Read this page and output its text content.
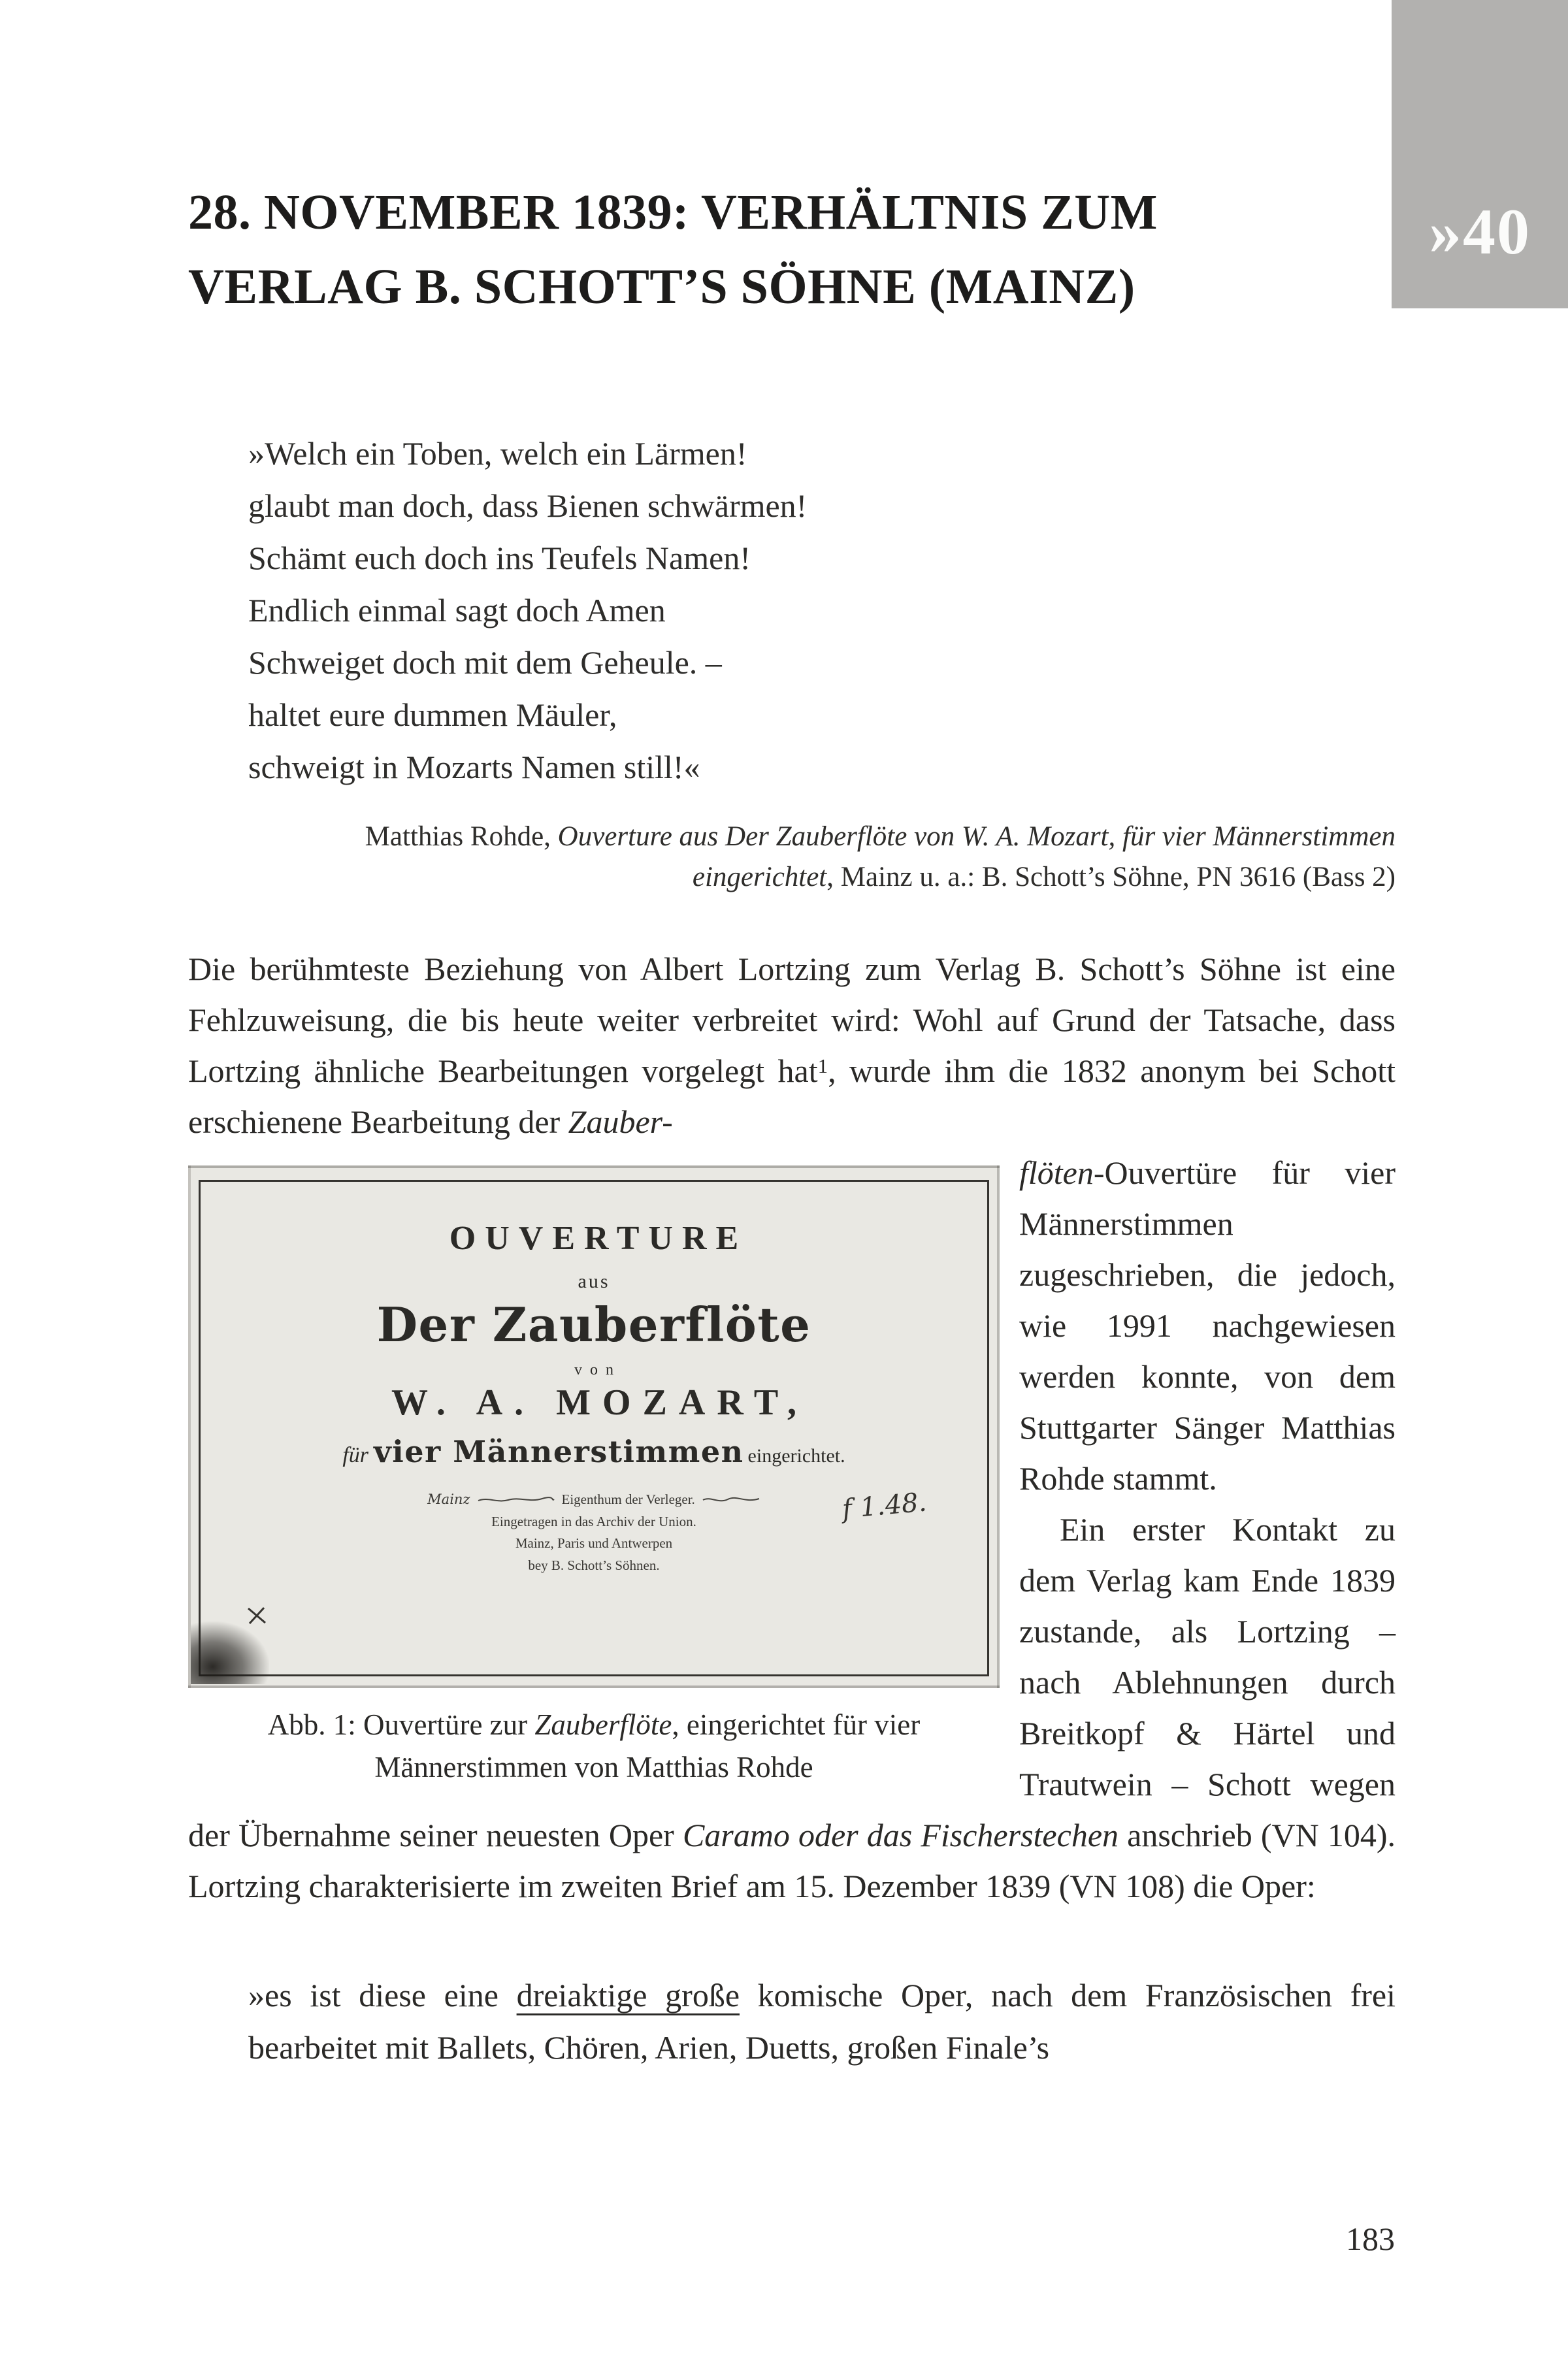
»40
28. NOVEMBER 1839: VERHÄLTNIS ZUM
VERLAG B. SCHOTT’S SÖHNE (MAINZ)
»Welch ein Toben, welch ein Lärmen!
glaubt man doch, dass Bienen schwärmen!
Schämt euch doch ins Teufels Namen!
Endlich einmal sagt doch Amen
Schweiget doch mit dem Geheule. –
haltet eure dummen Mäuler,
schweigt in Mozarts Namen still!«
Matthias Rohde, Ouverture aus Der Zauberflöte von W. A. Mozart, für vier Männerstimmen eingerichtet, Mainz u. a.: B. Schott’s Söhne, PN 3616 (Bass 2)

Die berühmteste Beziehung von Albert Lortzing zum Verlag B. Schott’s Söhne ist eine Fehlzuweisung, die bis heute weiter verbreitet wird: Wohl auf Grund der Tatsache, dass Lortzing ähnliche Bearbeitungen vorgelegt hat$^1$, wurde ihm die 1832 anonym bei Schott erschienene Bearbeitung der Zauber-

OUVERTURE
aus
Der Zauberflöte
von
W. A. MOZART,
für vier Männerstimmen eingerichtet.
Mainz	Eigenthum der Verleger.
Eingetragen in das Archiv der Union.
Mainz, Paris und Antwerpen
bey B. Schott’s Söhnen.
f 1.48.
Abb. 1: Ouvertüre zur Zauberflöte, eingerichtet für vier Männerstimmen von Matthias Rohde

flöten-Ouvertüre für vier Männerstimmen zugeschrieben, die jedoch, wie 1991 nachgewiesen werden konnte, von dem Stuttgarter Sänger Matthias Rohde stammt.

Ein erster Kontakt zu dem Verlag kam Ende 1839 zustande, als Lortzing – nach Ablehnungen durch Breitkopf & Härtel und Trautwein – Schott wegen der Übernahme seiner neuesten Oper Caramo oder das Fischerstechen anschrieb (VN 104). Lortzing charakterisierte im zweiten Brief am 15. Dezember 1839 (VN 108) die Oper:

»es ist diese eine dreiaktige große komische Oper, nach dem Französischen frei bearbeitet mit Ballets, Chören, Arien, Duetts, großen Finale’s
183
